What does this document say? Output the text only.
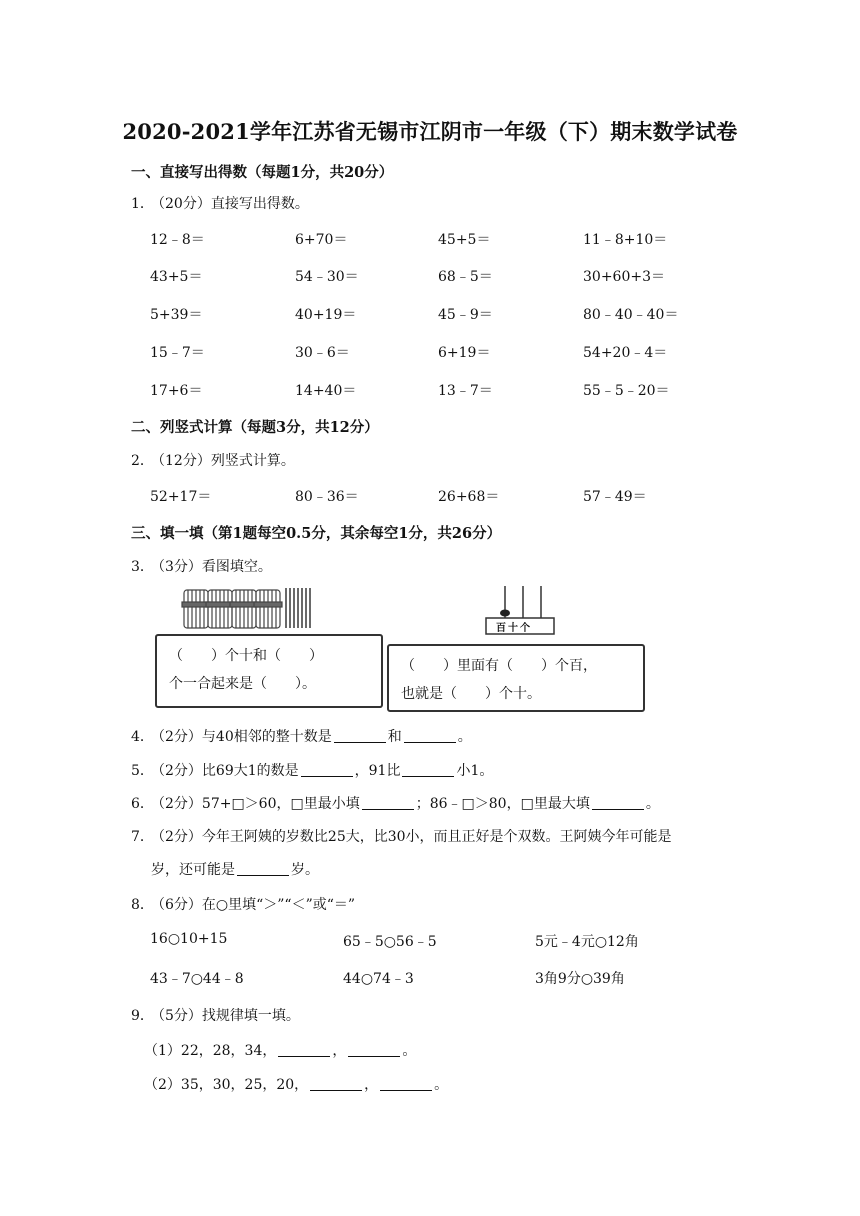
2020-2021学年江苏省无锡市江阴市一年级（下）期末数学试卷
一、直接写出得数（每题1分，共20分）
1．（20分）直接写出得数。
12﹣8＝	6+70＝	45+5＝	11﹣8+10＝
43+5＝	54﹣30＝	68﹣5＝	30+60+3＝
5+39＝	40+19＝	45﹣9＝	80﹣40﹣40＝
15﹣7＝	30﹣6＝	6+19＝	54+20﹣4＝
17+6＝	14+40＝	13﹣7＝	55﹣5﹣20＝
二、列竖式计算（每题3分，共12分）
2．（12分）列竖式计算。
52+17＝	80﹣36＝	26+68＝	57﹣49＝
三、填一填（第1题每空0.5分，其余每空1分，共26分）
3．（3分）看图填空。
（　　）个十和（　　）
个一合起来是（　　）。
百十个
（　　）里面有（　　）个百，
也就是（　　）个十。
4．（2分）与40相邻的整十数是	和	。
5．（2分）比69大1的数是	，91比	小1。
6．（2分）57+□＞60，□里最小填	；86﹣□＞80，□里最大填	。
7．（2分）今年王阿姨的岁数比25大，比30小，而且正好是个双数。王阿姨今年可能是
岁，还可能是	岁。
8．（6分）在○里填“＞”“＜”或“＝”
16○10+15	65﹣5○56﹣5	5元﹣4元○12角
43﹣7○44﹣8	44○74﹣3	3角9分○39角
9．（5分）找规律填一填。
（1）22，28，34，	，	。
（2）35，30，25，20，	，	。
